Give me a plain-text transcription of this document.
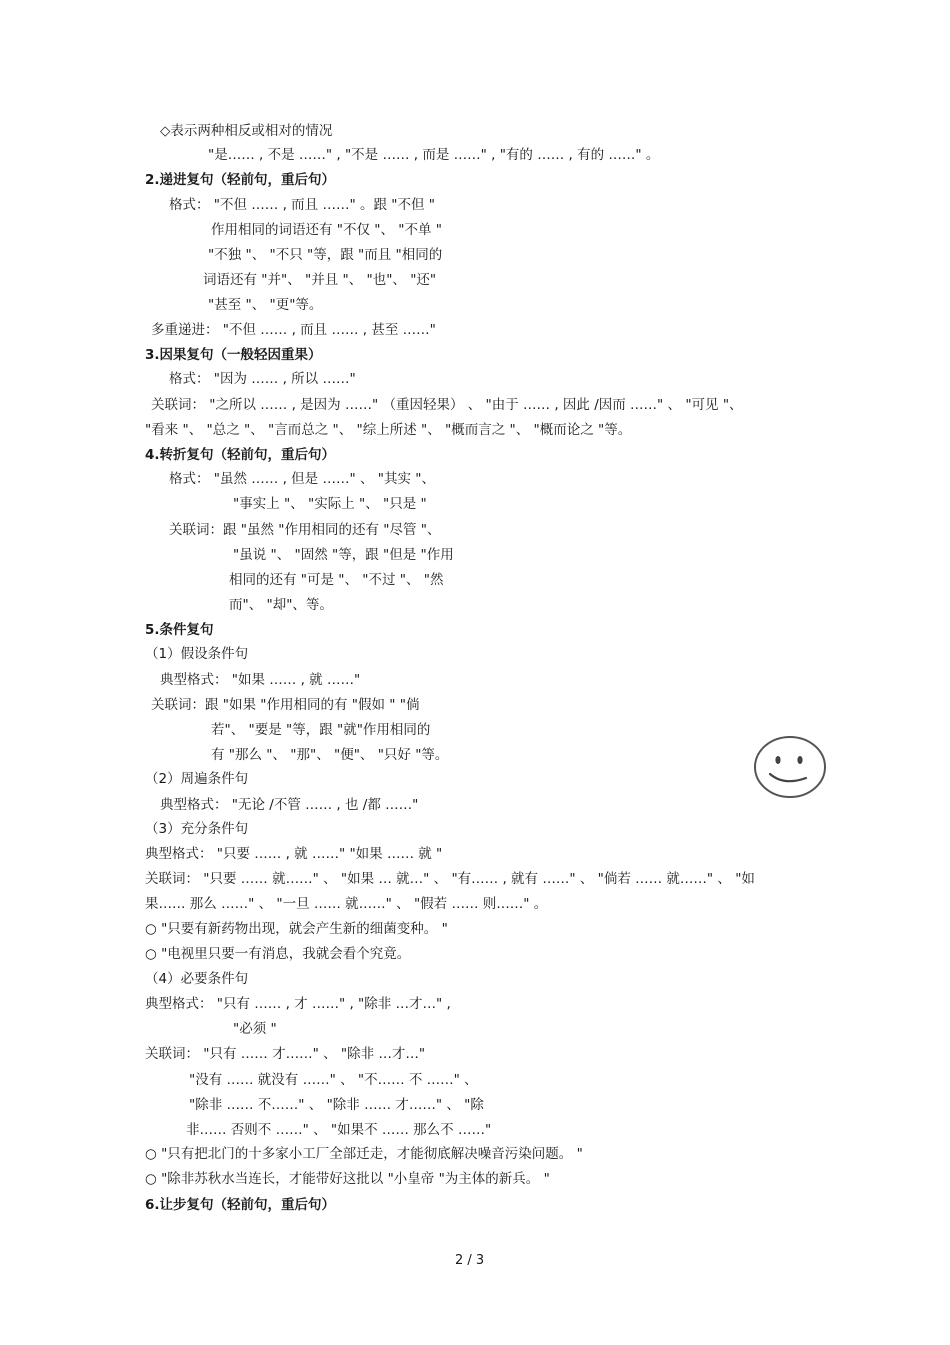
◇表示两种相反或相对的情况
"是…… , 不是 ……" , "不是 …… , 而是 ……" , "有的 …… , 有的 ……" 。
2.递进复句（轻前句，重后句）
格式： "不但 …… , 而且 ……" 。跟 "不但 "
作用相同的词语还有 "不仅 "、 "不单 "
"不独 "、 "不只 "等，跟 "而且 "相同的
词语还有 "并"、 "并且 "、 "也"、 "还"
"甚至 "、 "更"等。
多重递进： "不但 …… , 而且 …… , 甚至 ……"
3.因果复句（一般轻因重果）
格式： "因为 …… , 所以 ……"
关联词： "之所以 …… , 是因为 ……" （重因轻果） 、 "由于 …… , 因此 /因而 ……" 、 "可见 "、
"看来 "、 "总之 "、 "言而总之 "、 "综上所述 "、 "概而言之 "、 "概而论之 "等。
4.转折复句（轻前句，重后句）
格式： "虽然 …… , 但是 ……" 、 "其实 "、
"事实上 "、 "实际上 "、 "只是 "
关联词：跟 "虽然 "作用相同的还有 "尽管 "、
"虽说 "、 "固然 "等，跟 "但是 "作用
相同的还有 "可是 "、 "不过 "、 "然
而"、 "却"、等。
5.条件复句
（1）假设条件句
典型格式： "如果 …… , 就 ……"
关联词：跟 "如果 "作用相同的有 "假如 " "倘
若"、 "要是 "等，跟 "就"作用相同的
有 "那么 "、 "那"、 "便"、 "只好 "等。
（2）周遍条件句
典型格式： "无论 /不管 …… , 也 /都 ……"
（3）充分条件句
典型格式： "只要 …… , 就 ……" "如果 …… 就 "
关联词： "只要 …… 就……" 、 "如果 … 就…" 、 "有…… , 就有 ……" 、 "倘若 …… 就……" 、 "如
果…… 那么 ……" 、 "一旦 …… 就……" 、 "假若 …… 则……" 。
○ "只要有新药物出现，就会产生新的细菌变种。 "
○ "电视里只要一有消息，我就会看个究竟。
（4）必要条件句
典型格式： "只有 …… , 才 ……" , "除非 …才…" ,
"必须 "
关联词： "只有 …… 才……" 、 "除非 …才…"
"没有 …… 就没有 ……" 、 "不…… 不 ……" 、
"除非 …… 不……" 、 "除非 …… 才……" 、 "除
非…… 否则不 ……" 、 "如果不 …… 那么不 ……"
○ "只有把北门的十多家小工厂全部迁走，才能彻底解决噪音污染问题。 "
○ "除非苏秋水当连长，才能带好这批以 "小皇帝 "为主体的新兵。 "
6.让步复句（轻前句，重后句）
2 / 3
